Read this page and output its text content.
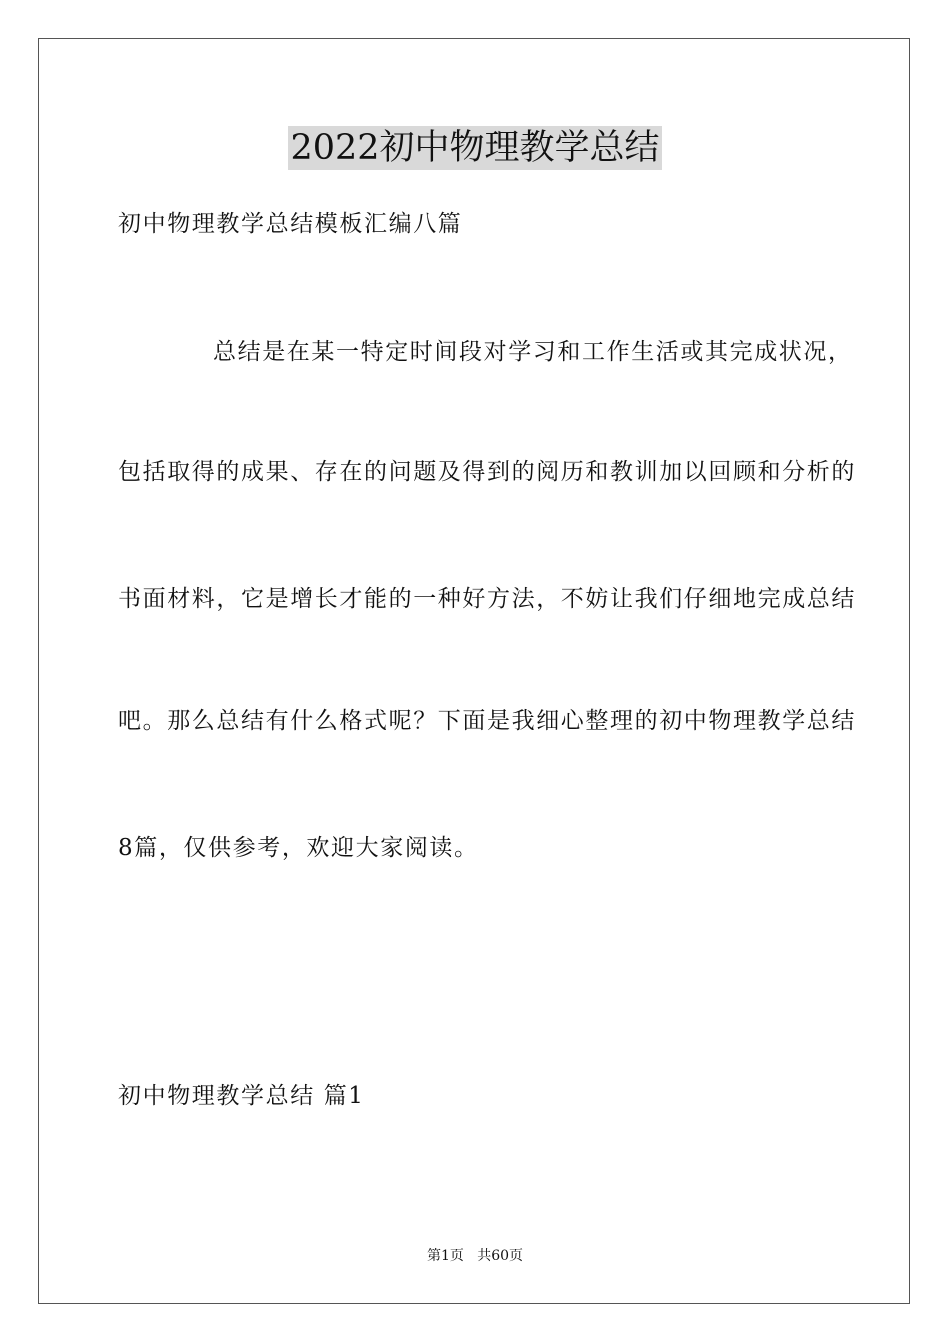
2022初中物理教学总结
初中物理教学总结模板汇编八篇
总结是在某一特定时间段对学习和工作生活或其完成状况，
包括取得的成果、存在的问题及得到的阅历和教训加以回顾和分析的
书面材料，它是增长才能的一种好方法，不妨让我们仔细地完成总结
吧。那么总结有什么格式呢？下面是我细心整理的初中物理教学总结
8篇，仅供参考，欢迎大家阅读。
初中物理教学总结 篇1
第1页   共60页
